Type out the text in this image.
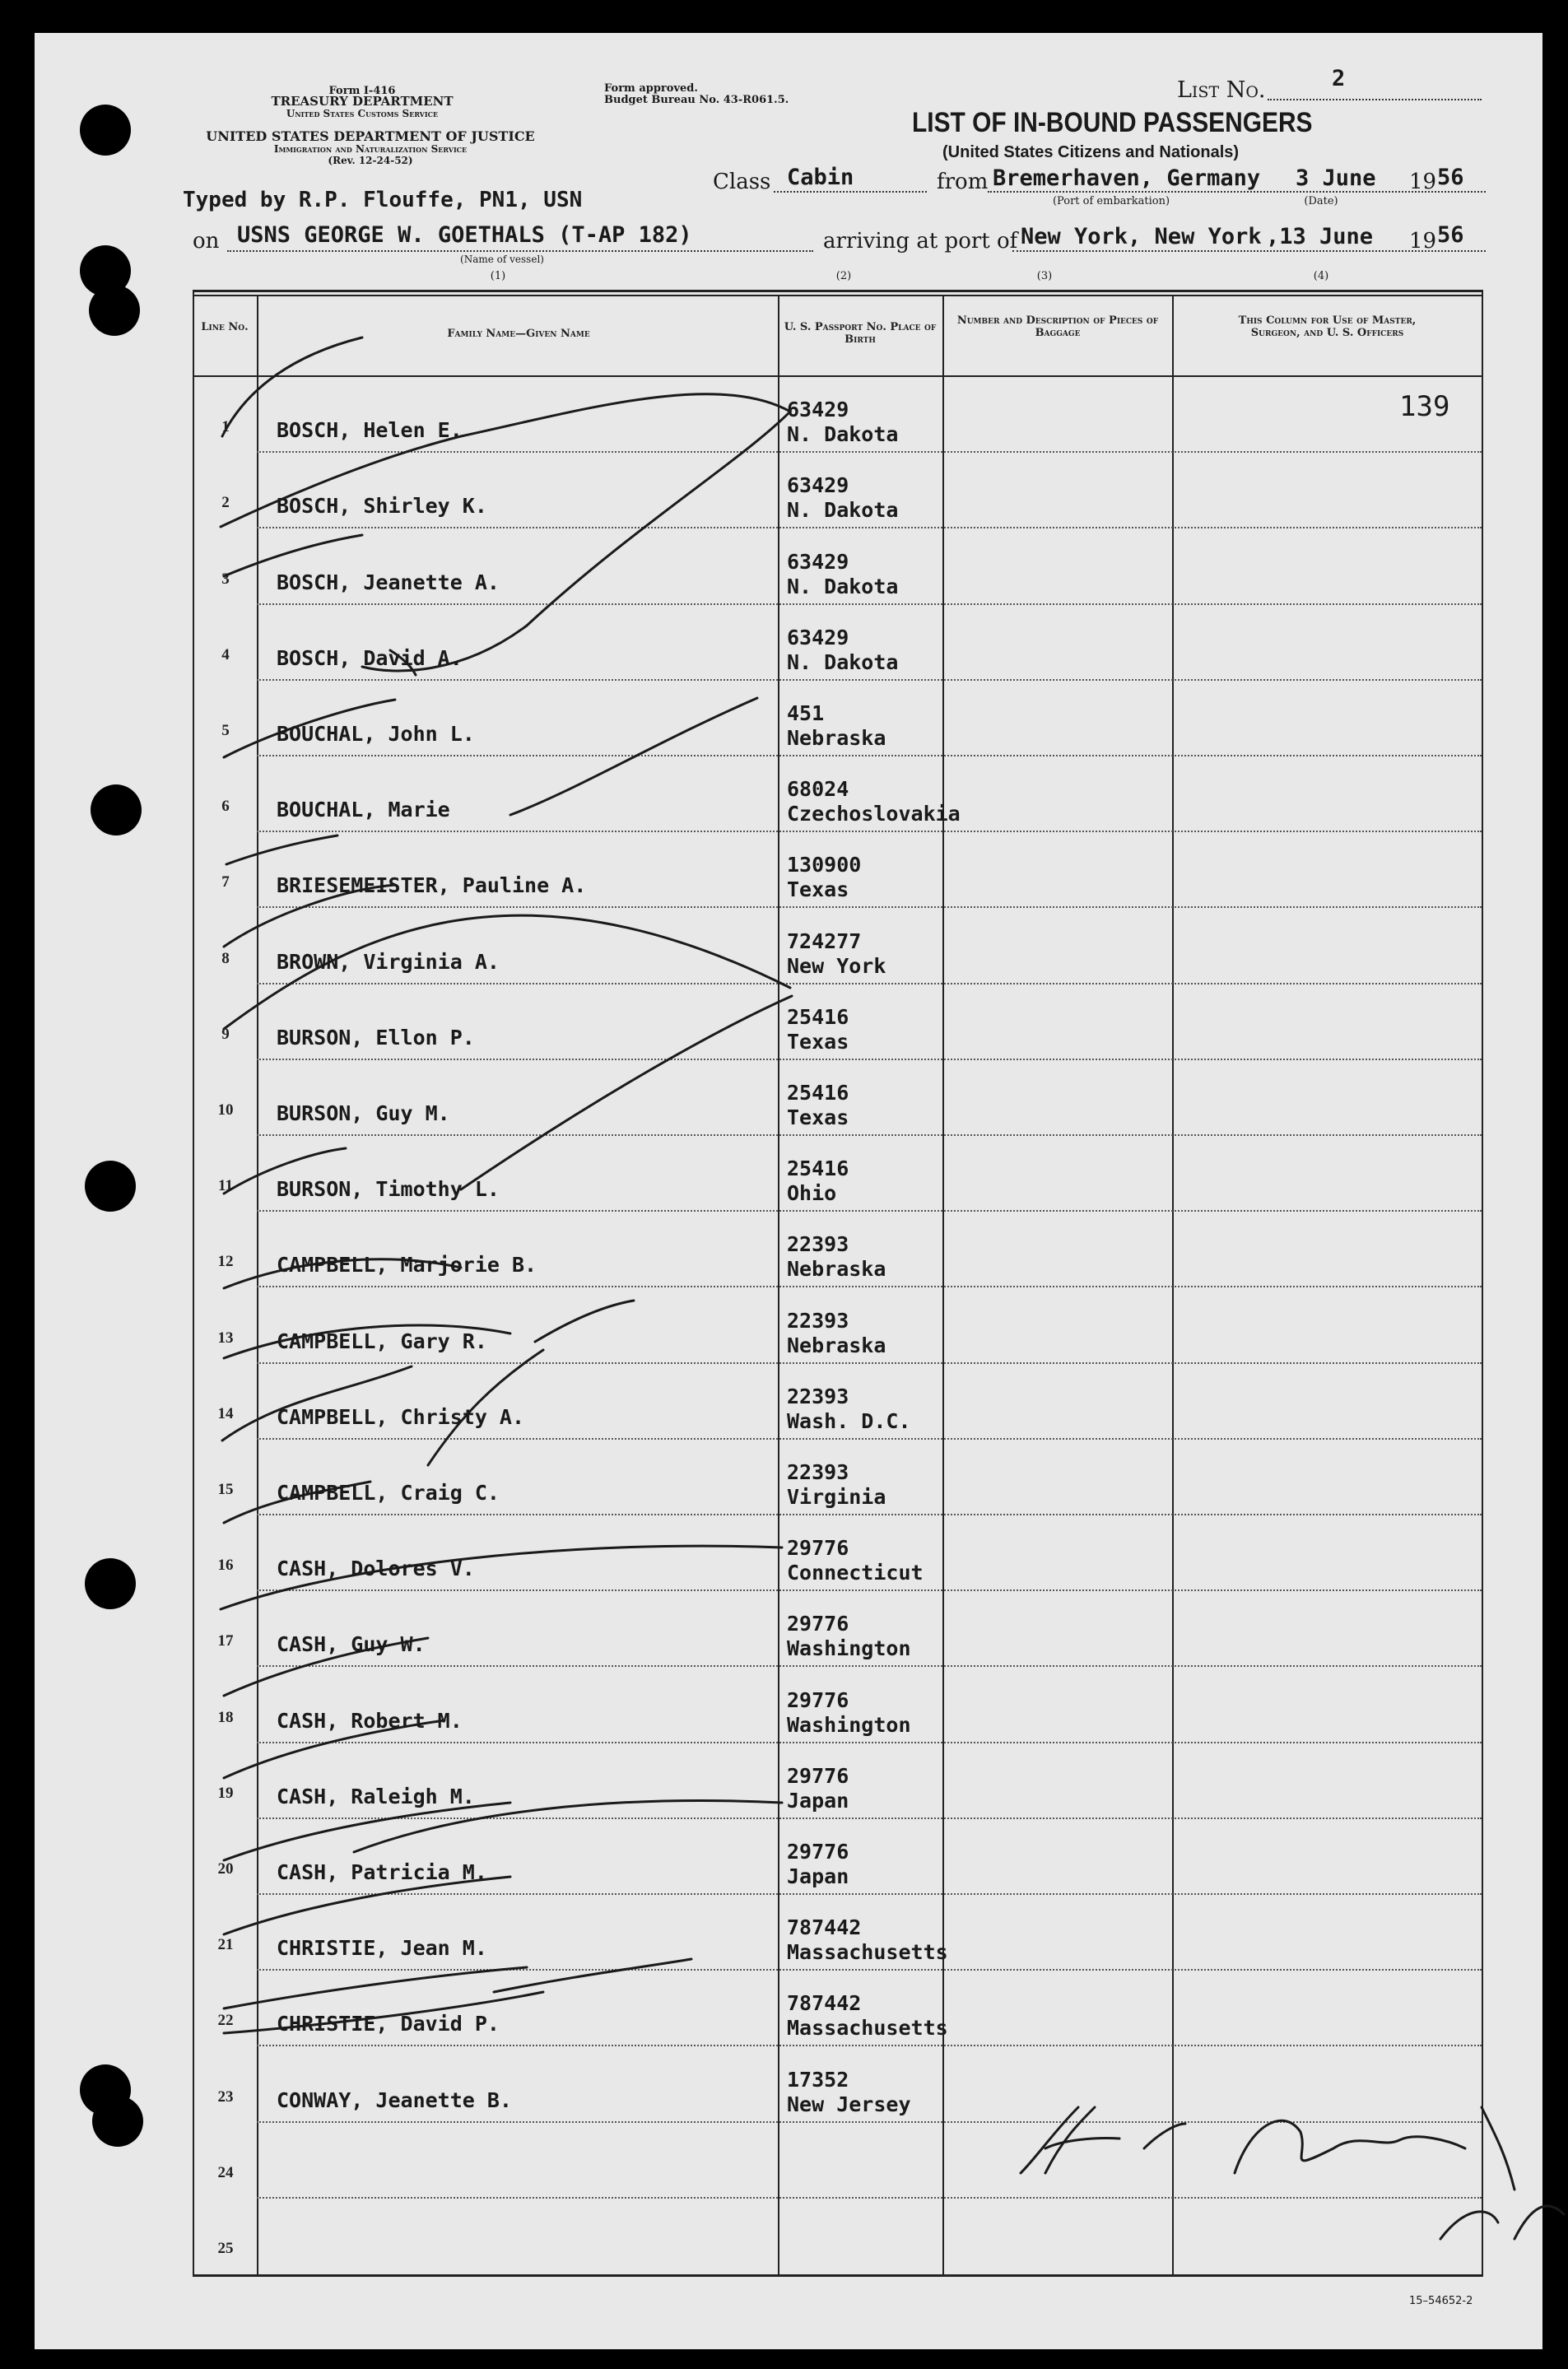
Form I-416
TREASURY DEPARTMENT
United States Customs Service
UNITED STATES DEPARTMENT OF JUSTICE
Immigration and Naturalization Service
(Rev. 12-24-52)
Form approved.
Budget Bureau No. 43-R061.5.	List No.	2
LIST OF IN-BOUND PASSENGERS
(United States Citizens and Nationals)
Typed by R.P. Flouffe, PN1, USN
Class Cabin	from Bremerhaven, Germany 3 June 19 56
(Port of embarkation)	(Date)
on USNS GEORGE W. GOETHALS (T-AP 182)
(Name of vessel)
arriving at port of New York, New York ,13 June 19 56
(1)	(2)	(3)	(4)
Line No.
Family Name—Given Name
U. S. Passport No. Place of Birth
Number and Description of Pieces of Baggage
This Column for Use of Master, Surgeon, and U. S. Officers
139
1	BOSCH, Helen E.
63429
N. Dakota
2	BOSCH, Shirley K.
63429
N. Dakota
3	BOSCH, Jeanette A.
63429
N. Dakota
4	BOSCH, David A.
63429
N. Dakota
5	BOUCHAL, John L.
451
Nebraska
6	BOUCHAL, Marie
68024
Czechoslovakia
7	BRIESEMEISTER, Pauline A.
130900
Texas
8	BROWN, Virginia A.
724277
New York
9	BURSON, Ellon P.
25416
Texas
10	BURSON, Guy M.
25416
Texas
11	BURSON, Timothy L.
25416
Ohio
12	CAMPBELL, Marjorie B.
22393
Nebraska
13	CAMPBELL, Gary R.
22393
Nebraska
14	CAMPBELL, Christy A.
22393
Wash. D.C.
15	CAMPBELL, Craig C.
22393
Virginia
16	CASH, Dolores V.
29776
Connecticut
17	CASH, Guy W.
29776
Washington
18	CASH, Robert M.
29776
Washington
19	CASH, Raleigh M.
29776
Japan
20	CASH, Patricia M.
29776
Japan
21	CHRISTIE, Jean M.
787442
Massachusetts
22	CHRISTIE, David P.
787442
Massachusetts
23	CONWAY, Jeanette B.
17352
New Jersey
24
25
15–54652-2
